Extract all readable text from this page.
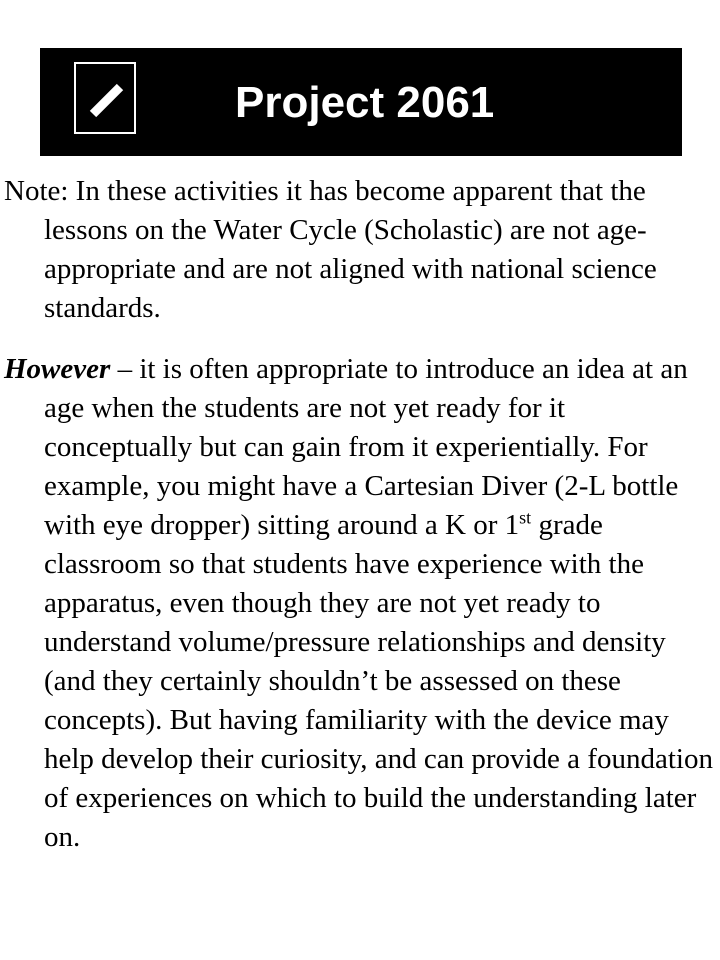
Project 2061

Note: In these activities it has become apparent that the lessons on the Water Cycle (Scholastic) are not age-appropriate and are not aligned with national science standards.

However – it is often appropriate to introduce an idea at an age when the students are not yet ready for it conceptually but can gain from it experientially. For example, you might have a Cartesian Diver (2-L bottle with eye dropper) sitting around a K or 1st grade classroom so that students have experience with the apparatus, even though they are not yet ready to understand volume/pressure relationships and density (and they certainly shouldn’t be assessed on these concepts). But having familiarity with the device may help develop their curiosity, and can provide a foundation of experiences on which to build the understanding later on.
